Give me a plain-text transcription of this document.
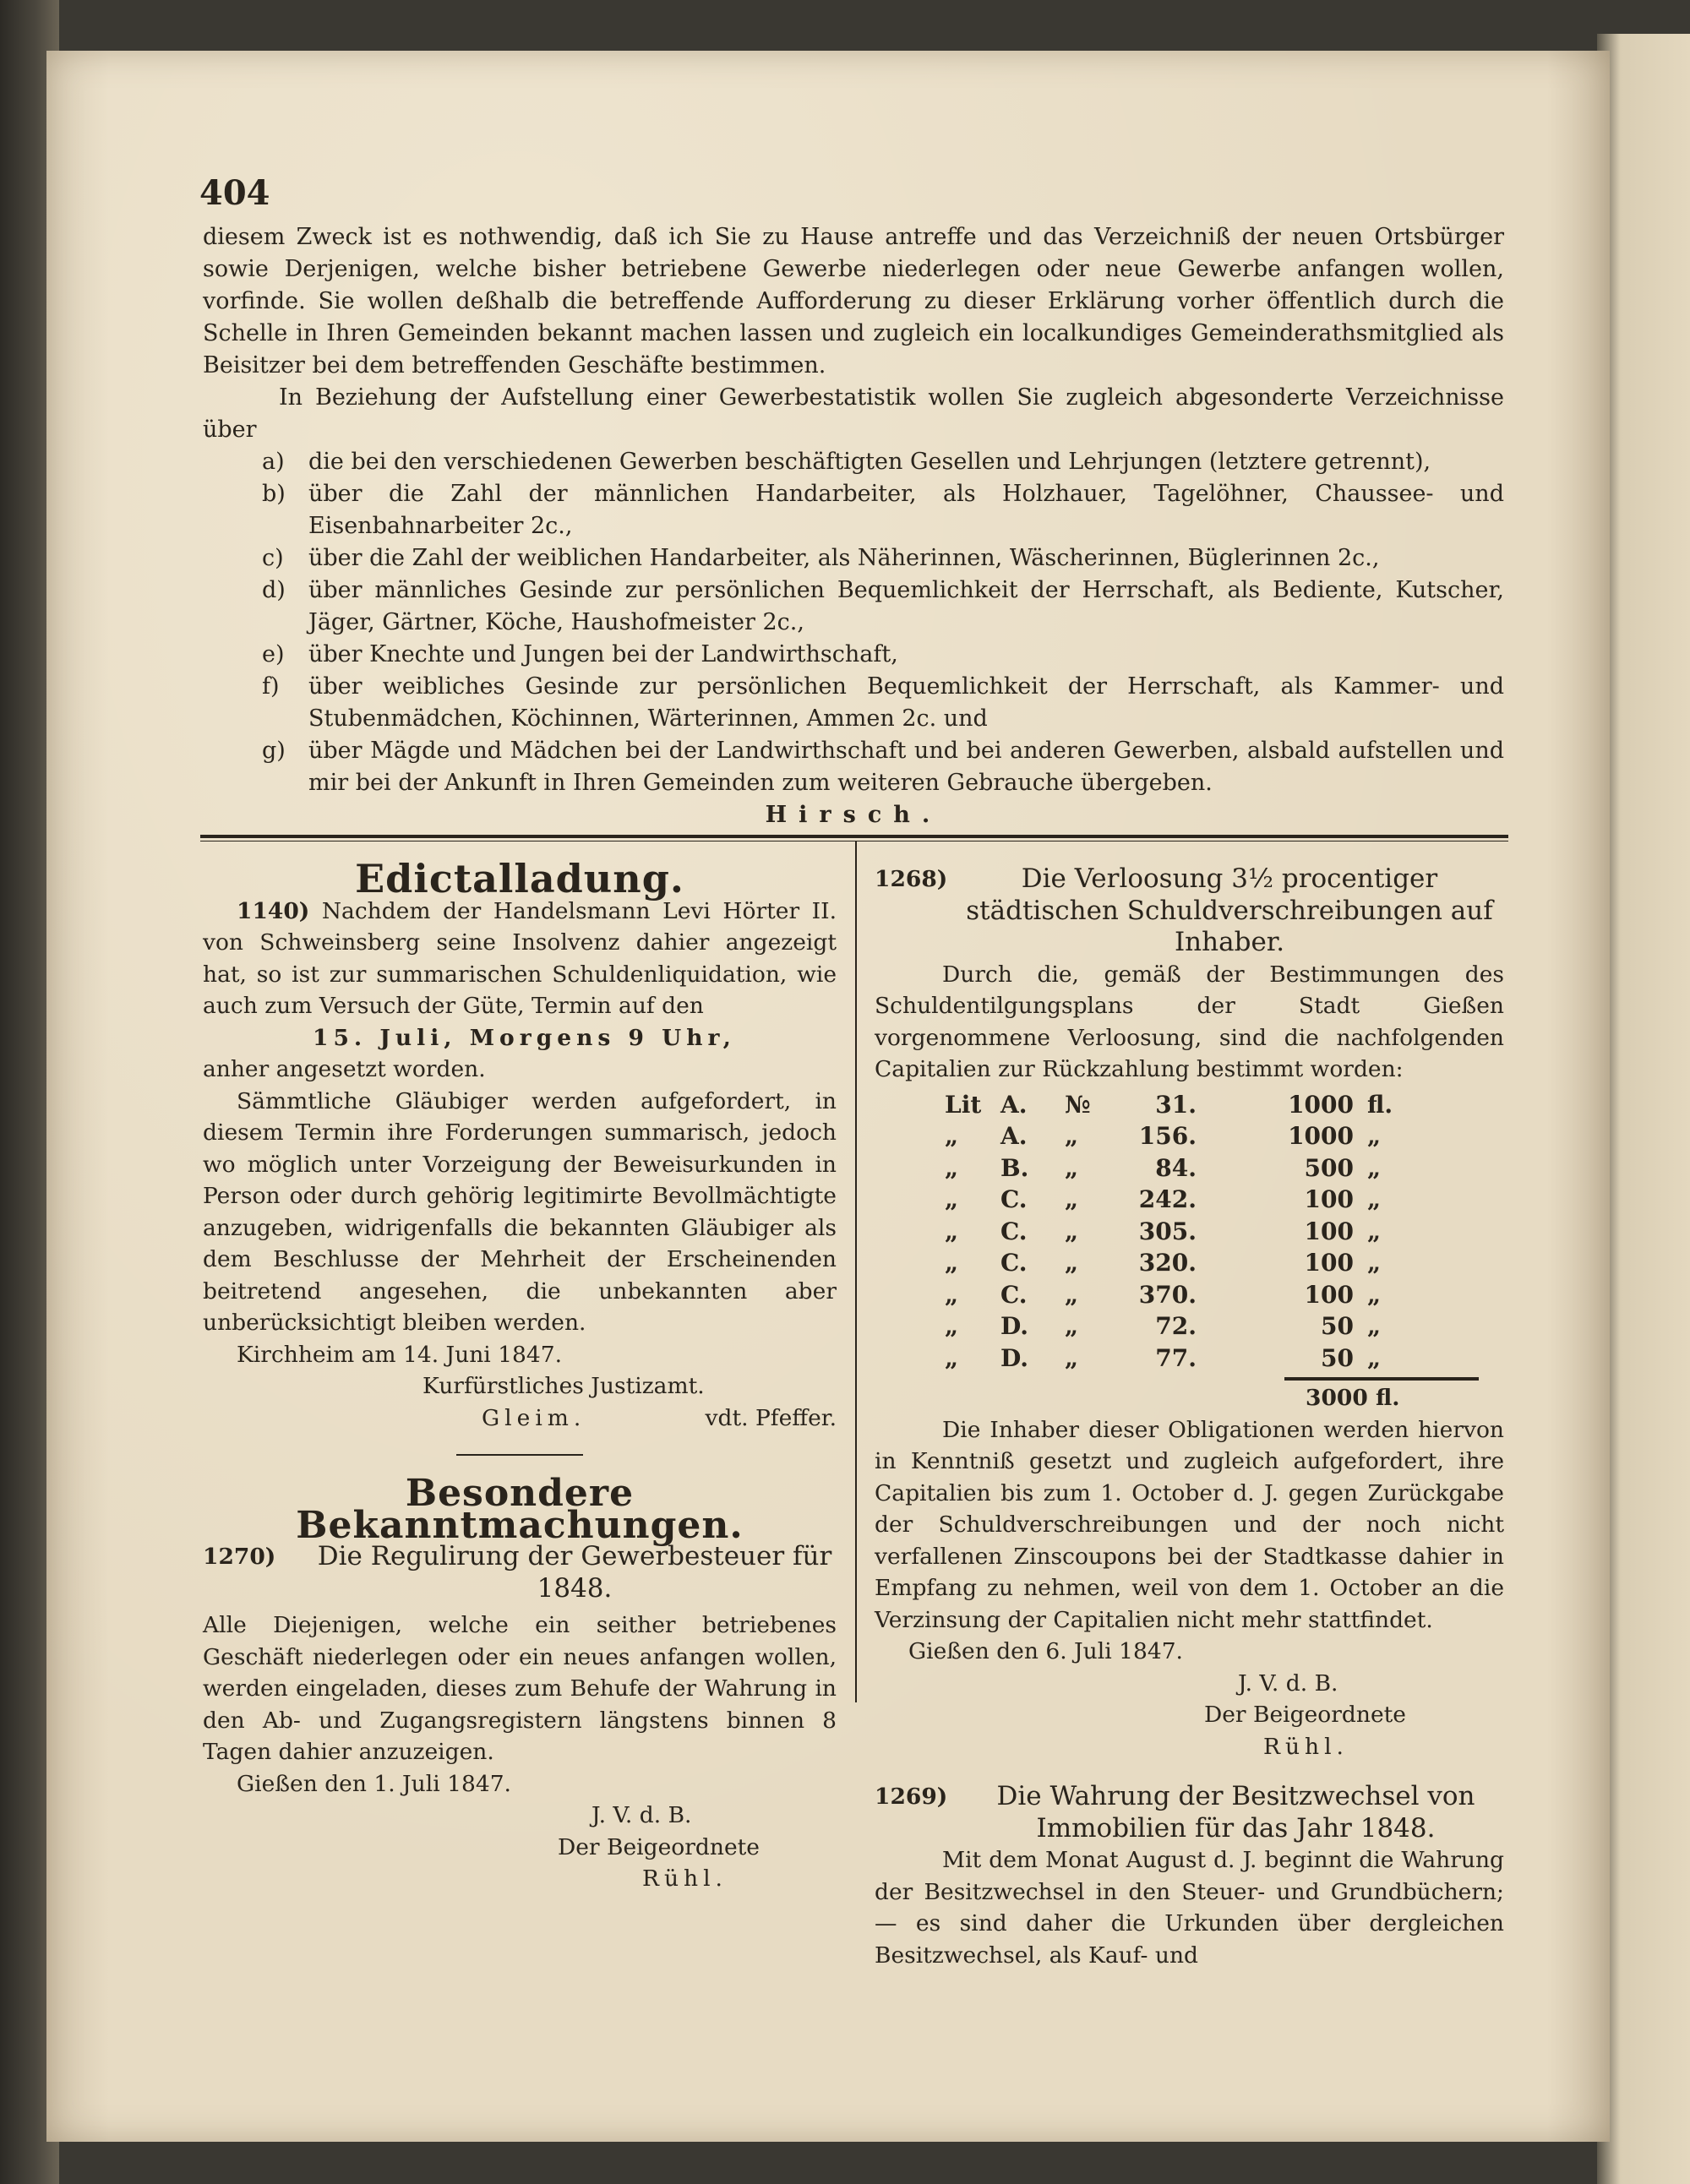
404

diesem Zweck ist es nothwendig, daß ich Sie zu Hause antreffe und das Verzeichniß der neuen Ortsbürger sowie Derjenigen, welche bisher betriebene Gewerbe niederlegen oder neue Gewerbe anfangen wollen, vorfinde. Sie wollen deßhalb die betreffende Aufforderung zu dieser Erklärung vorher öffentlich durch die Schelle in Ihren Gemeinden bekannt machen lassen und zugleich ein localkundiges Gemeinderathsmitglied als Beisitzer bei dem betreffenden Geschäfte bestimmen.

In Beziehung der Aufstellung einer Gewerbestatistik wollen Sie zugleich abgesonderte Verzeichnisse über

a) die bei den verschiedenen Gewerben beschäftigten Gesellen und Lehrjungen (letztere getrennt),

b) über die Zahl der männlichen Handarbeiter, als Holzhauer, Tagelöhner, Chaussee- und Eisenbahnarbeiter 2c.,

c) über die Zahl der weiblichen Handarbeiter, als Näherinnen, Wäscherinnen, Büglerinnen 2c.,

d) über männliches Gesinde zur persönlichen Bequemlichkeit der Herrschaft, als Bediente, Kutscher, Jäger, Gärtner, Köche, Haushofmeister 2c.,

e) über Knechte und Jungen bei der Landwirthschaft,

f) über weibliches Gesinde zur persönlichen Bequemlichkeit der Herrschaft, als Kammer- und Stubenmädchen, Köchinnen, Wärterinnen, Ammen 2c. und

g) über Mägde und Mädchen bei der Landwirthschaft und bei anderen Gewerben, alsbald aufstellen und mir bei der Ankunft in Ihren Gemeinden zum weiteren Gebrauche übergeben.

Hirsch.

Edictalladung.

1140) Nachdem der Handelsmann Levi Hörter II. von Schweinsberg seine Insolvenz dahier angezeigt hat, so ist zur summarischen Schuldenliquidation, wie auch zum Versuch der Güte, Termin auf den

15. Juli, Morgens 9 Uhr,

anher angesetzt worden.

Sämmtliche Gläubiger werden aufgefordert, in diesem Termin ihre Forderungen summarisch, jedoch wo möglich unter Vorzeigung der Beweisurkunden in Person oder durch gehörig legitimirte Bevollmächtigte anzugeben, widrigenfalls die bekannten Gläubiger als dem Beschlusse der Mehrheit der Erscheinenden beitretend angesehen, die unbekannten aber unberücksichtigt bleiben werden.

Kirchheim am 14. Juni 1847.

Kurfürstliches Justizamt.

Gleim.	vdt. Pfeffer.

Besondere Bekanntmachungen.

1270)	Die Regulirung der Gewerbesteuer für 1848.

Alle Diejenigen, welche ein seither betriebenes Geschäft niederlegen oder ein neues anfangen wollen, werden eingeladen, dieses zum Behufe der Wahrung in den Ab- und Zugangsregistern längstens binnen 8 Tagen dahier anzuzeigen.

Gießen den 1. Juli 1847.

J. V. d. B.

Der Beigeordnete

Rühl.

1268)	Die Verloosung 3½ procentiger städtischen Schuldverschreibungen auf Inhaber.

Durch die, gemäß der Bestimmungen des Schuldentilgungsplans der Stadt Gießen vorgenommene Verloosung, sind die nachfolgenden Capitalien zur Rückzahlung bestimmt worden:

Lit	A.	№	31.	1000	fl.
„	A.	„	156.	1000	„
„	B.	„	84.	500	„
„	C.	„	242.	100	„
„	C.	„	305.	100	„
„	C.	„	320.	100	„
„	C.	„	370.	100	„
„	D.	„	72.	50	„
„	D.	„	77.	50	„

3000 fl.

Die Inhaber dieser Obligationen werden hiervon in Kenntniß gesetzt und zugleich aufgefordert, ihre Capitalien bis zum 1. October d. J. gegen Zurückgabe der Schuldverschreibungen und der noch nicht verfallenen Zinscoupons bei der Stadtkasse dahier in Empfang zu nehmen, weil von dem 1. October an die Verzinsung der Capitalien nicht mehr stattfindet.

Gießen den 6. Juli 1847.

J. V. d. B.

Der Beigeordnete

Rühl.

1269)	Die Wahrung der Besitzwechsel von Immobilien für das Jahr 1848.

Mit dem Monat August d. J. beginnt die Wahrung der Besitzwechsel in den Steuer- und Grundbüchern; — es sind daher die Urkunden über dergleichen Besitzwechsel, als Kauf- und
